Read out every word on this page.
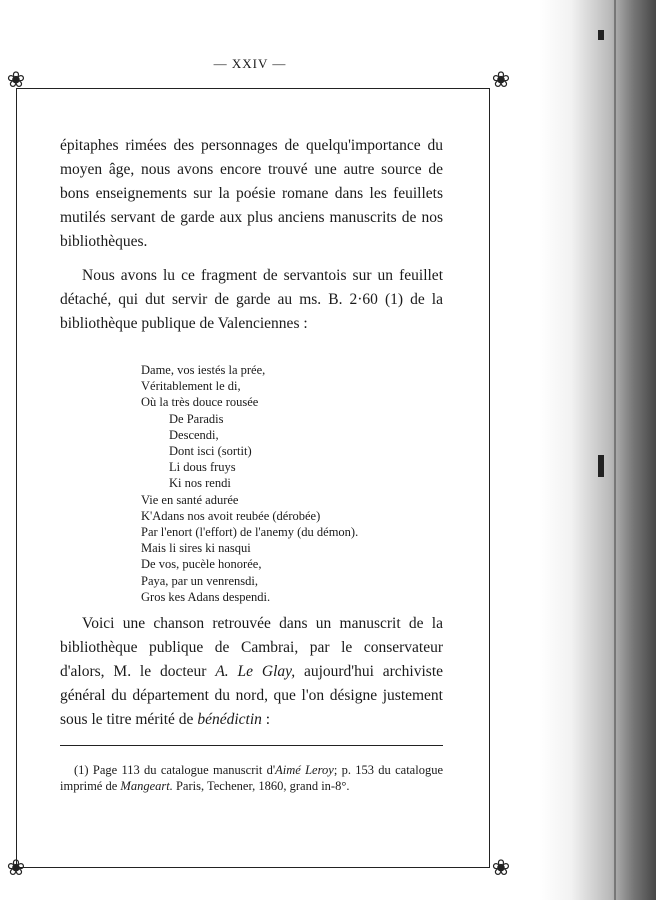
— XXIV —
❀	❀
❀	❀

épitaphes rimées des personnages de quelqu'importance du moyen âge, nous avons encore trouvé une autre source de bons enseignements sur la poésie romane dans les feuillets mutilés servant de garde aux plus anciens manuscrits de nos bibliothèques.

Nous avons lu ce fragment de servantois sur un feuillet détaché, qui dut servir de garde au ms. B. 2·60 (1) de la bibliothèque publique de Valenciennes :

Dame, vos iestés la prée,
Véritablement le di,
Où la très douce rousée
De Paradis
Descendi,
Dont isci (sortit)
Li dous fruys
Ki nos rendi
Vie en santé adurée
K'Adans nos avoit reubée (dérobée)
Par l'enort (l'effort) de l'anemy (du démon).
Mais li sires ki nasqui
De vos, pucèle honorée,
Paya, par un venrensdi,
Gros kes Adans despendi.
Voici une chanson retrouvée dans un manuscrit de la bibliothèque publique de Cambrai, par le conservateur d'alors, M. le docteur A. Le Glay, aujourd'hui archiviste général du département du nord, que l'on désigne justement sous le titre mérité de bénédictin :
(1) Page 113 du catalogue manuscrit d'Aimé Leroy; p. 153 du catalogue imprimé de Mangeart. Paris, Techener, 1860, grand in-8°.
